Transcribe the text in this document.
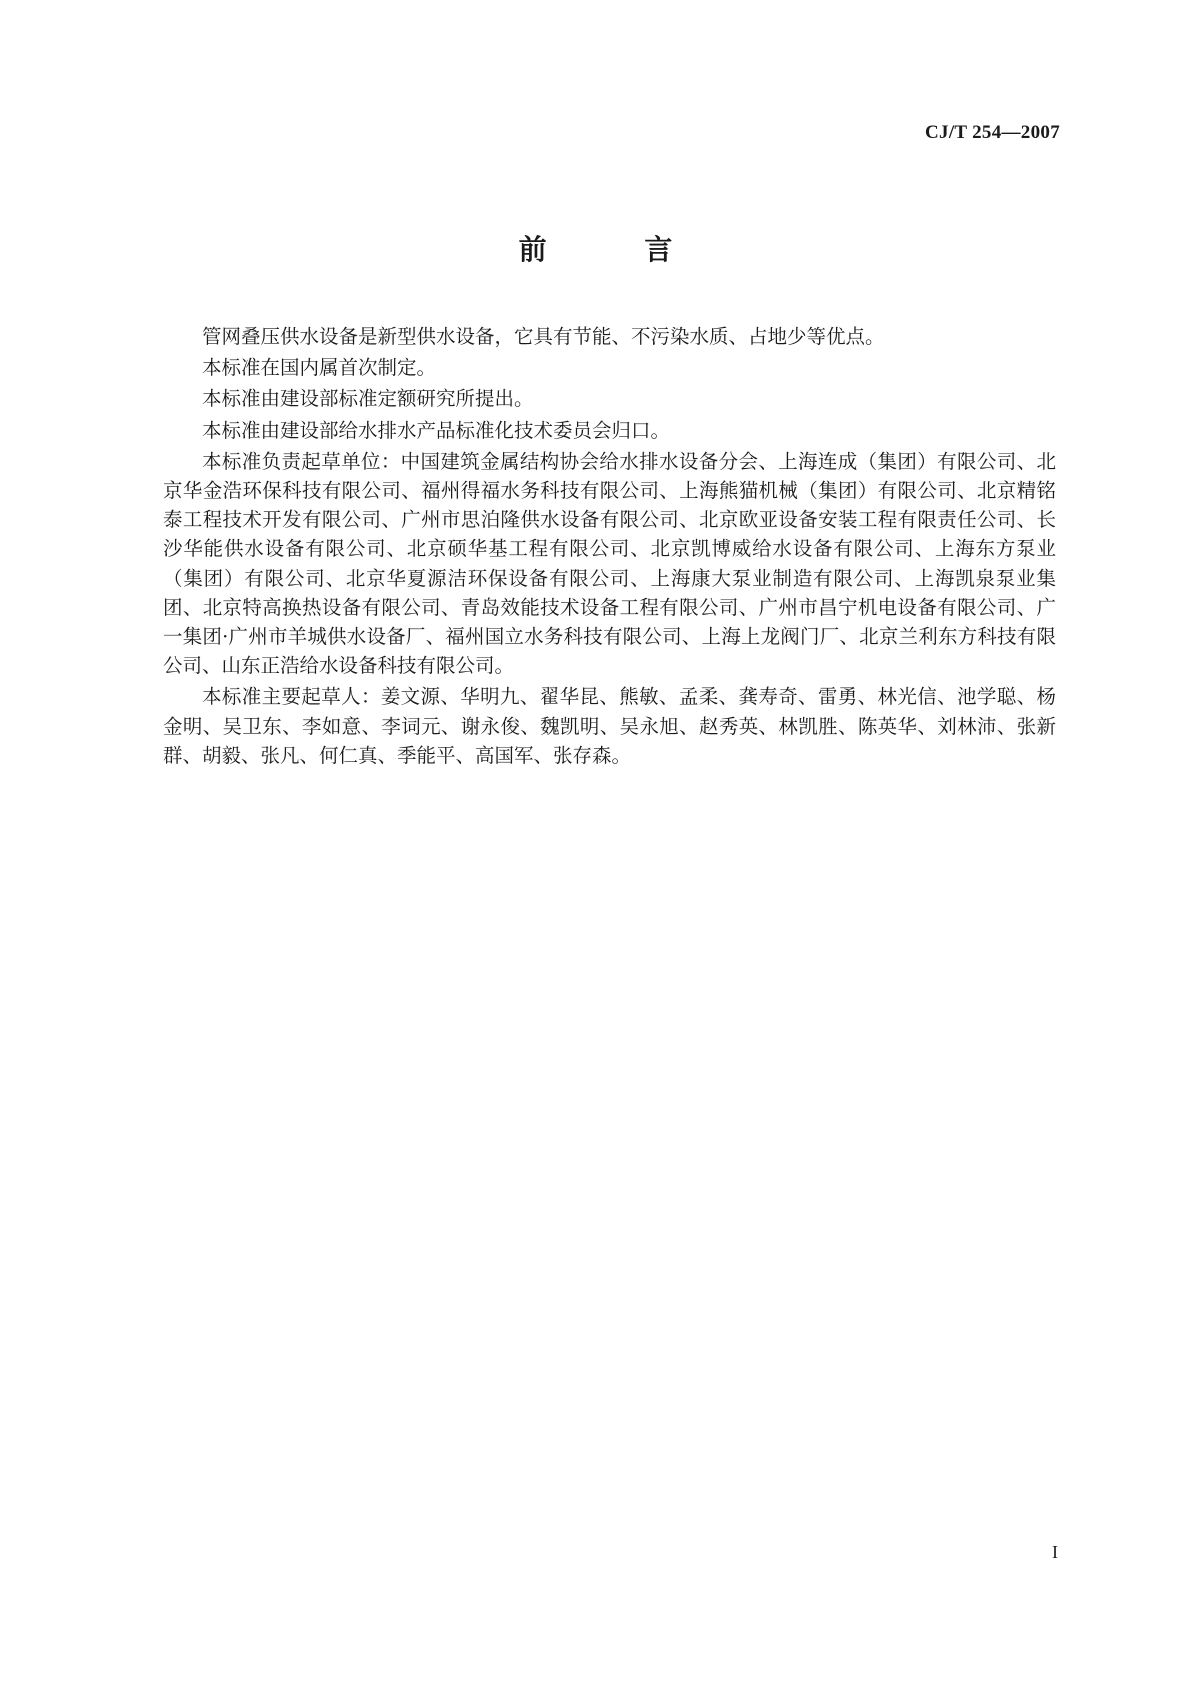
CJ/T 254—2007
前 言

管网叠压供水设备是新型供水设备，它具有节能、不污染水质、占地少等优点。

本标准在国内属首次制定。

本标准由建设部标准定额研究所提出。

本标准由建设部给水排水产品标准化技术委员会归口。

本标准负责起草单位：中国建筑金属结构协会给水排水设备分会、上海连成（集团）有限公司、北京华金浩环保科技有限公司、福州得福水务科技有限公司、上海熊猫机械（集团）有限公司、北京精铭泰工程技术开发有限公司、广州市思泊隆供水设备有限公司、北京欧亚设备安装工程有限责任公司、长沙华能供水设备有限公司、北京硕华基工程有限公司、北京凯博威给水设备有限公司、上海东方泵业（集团）有限公司、北京华夏源洁环保设备有限公司、上海康大泵业制造有限公司、上海凯泉泵业集团、北京特高换热设备有限公司、青岛效能技术设备工程有限公司、广州市昌宁机电设备有限公司、广一集团·广州市羊城供水设备厂、福州国立水务科技有限公司、上海上龙阀门厂、北京兰利东方科技有限公司、山东正浩给水设备科技有限公司。

本标准主要起草人：姜文源、华明九、翟华昆、熊敏、孟柔、龚寿奇、雷勇、林光信、池学聪、杨金明、吴卫东、李如意、李词元、谢永俊、魏凯明、吴永旭、赵秀英、林凯胜、陈英华、刘林沛、张新群、胡毅、张凡、何仁真、季能平、高国军、张存森。

I
